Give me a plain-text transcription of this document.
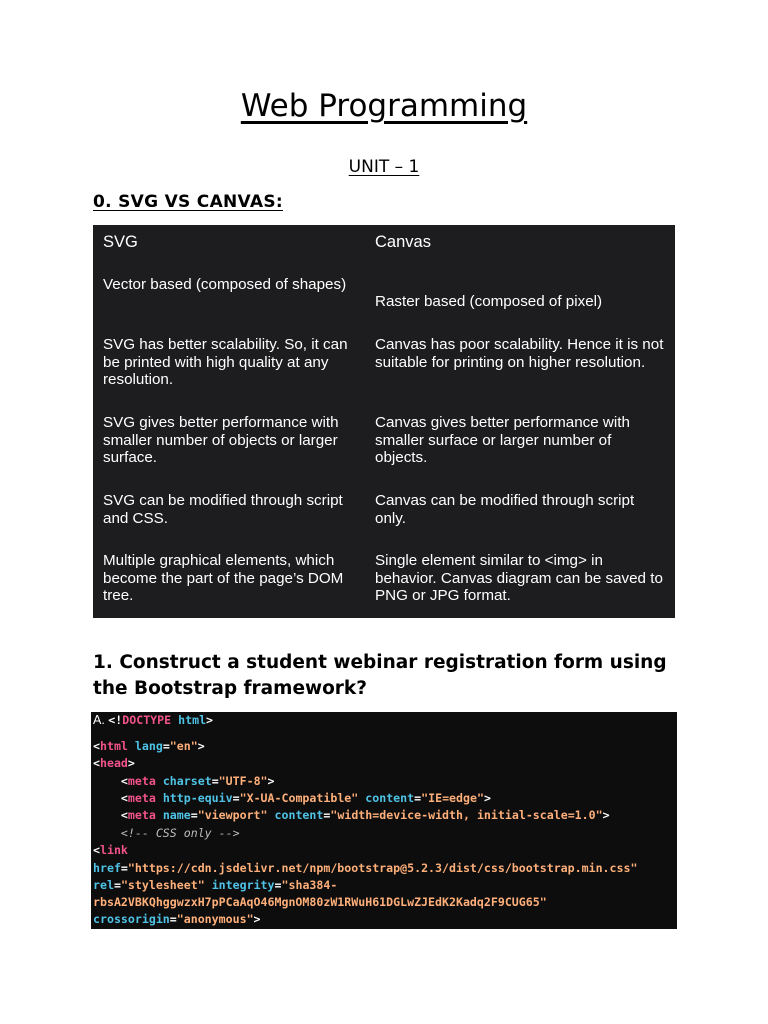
Web Programming
UNIT – 1
0. SVG VS CANVAS:
SVG	Canvas
Vector based (composed of shapes)
Raster based (composed of pixel)
SVG has better scalability. So, it can be printed with high quality at any resolution.
Canvas has poor scalability. Hence it is not suitable for printing on higher resolution.
SVG gives better performance with smaller number of objects or larger surface.
Canvas gives better performance with smaller surface or larger number of objects.
SVG can be modified through script and CSS.
Canvas can be modified through script only.
Multiple graphical elements, which become the part of the page’s DOM tree.
Single element similar to <img> in behavior. Canvas diagram can be saved to PNG or JPG format.
1. Construct a student webinar registration form using the Bootstrap framework?
A. <!DOCTYPE html>
<html lang="en">
<head>
<meta charset="UTF-8">
<meta http-equiv="X-UA-Compatible" content="IE=edge">
<meta name="viewport" content="width=device-width, initial-scale=1.0">
<!-- CSS only -->
<link
href="https://cdn.jsdelivr.net/npm/bootstrap@5.2.3/dist/css/bootstrap.min.css"
rel="stylesheet" integrity="sha384-
rbsA2VBKQhggwzxH7pPCaAqO46MgnOM80zW1RWuH61DGLwZJEdK2Kadq2F9CUG65"
crossorigin="anonymous">
